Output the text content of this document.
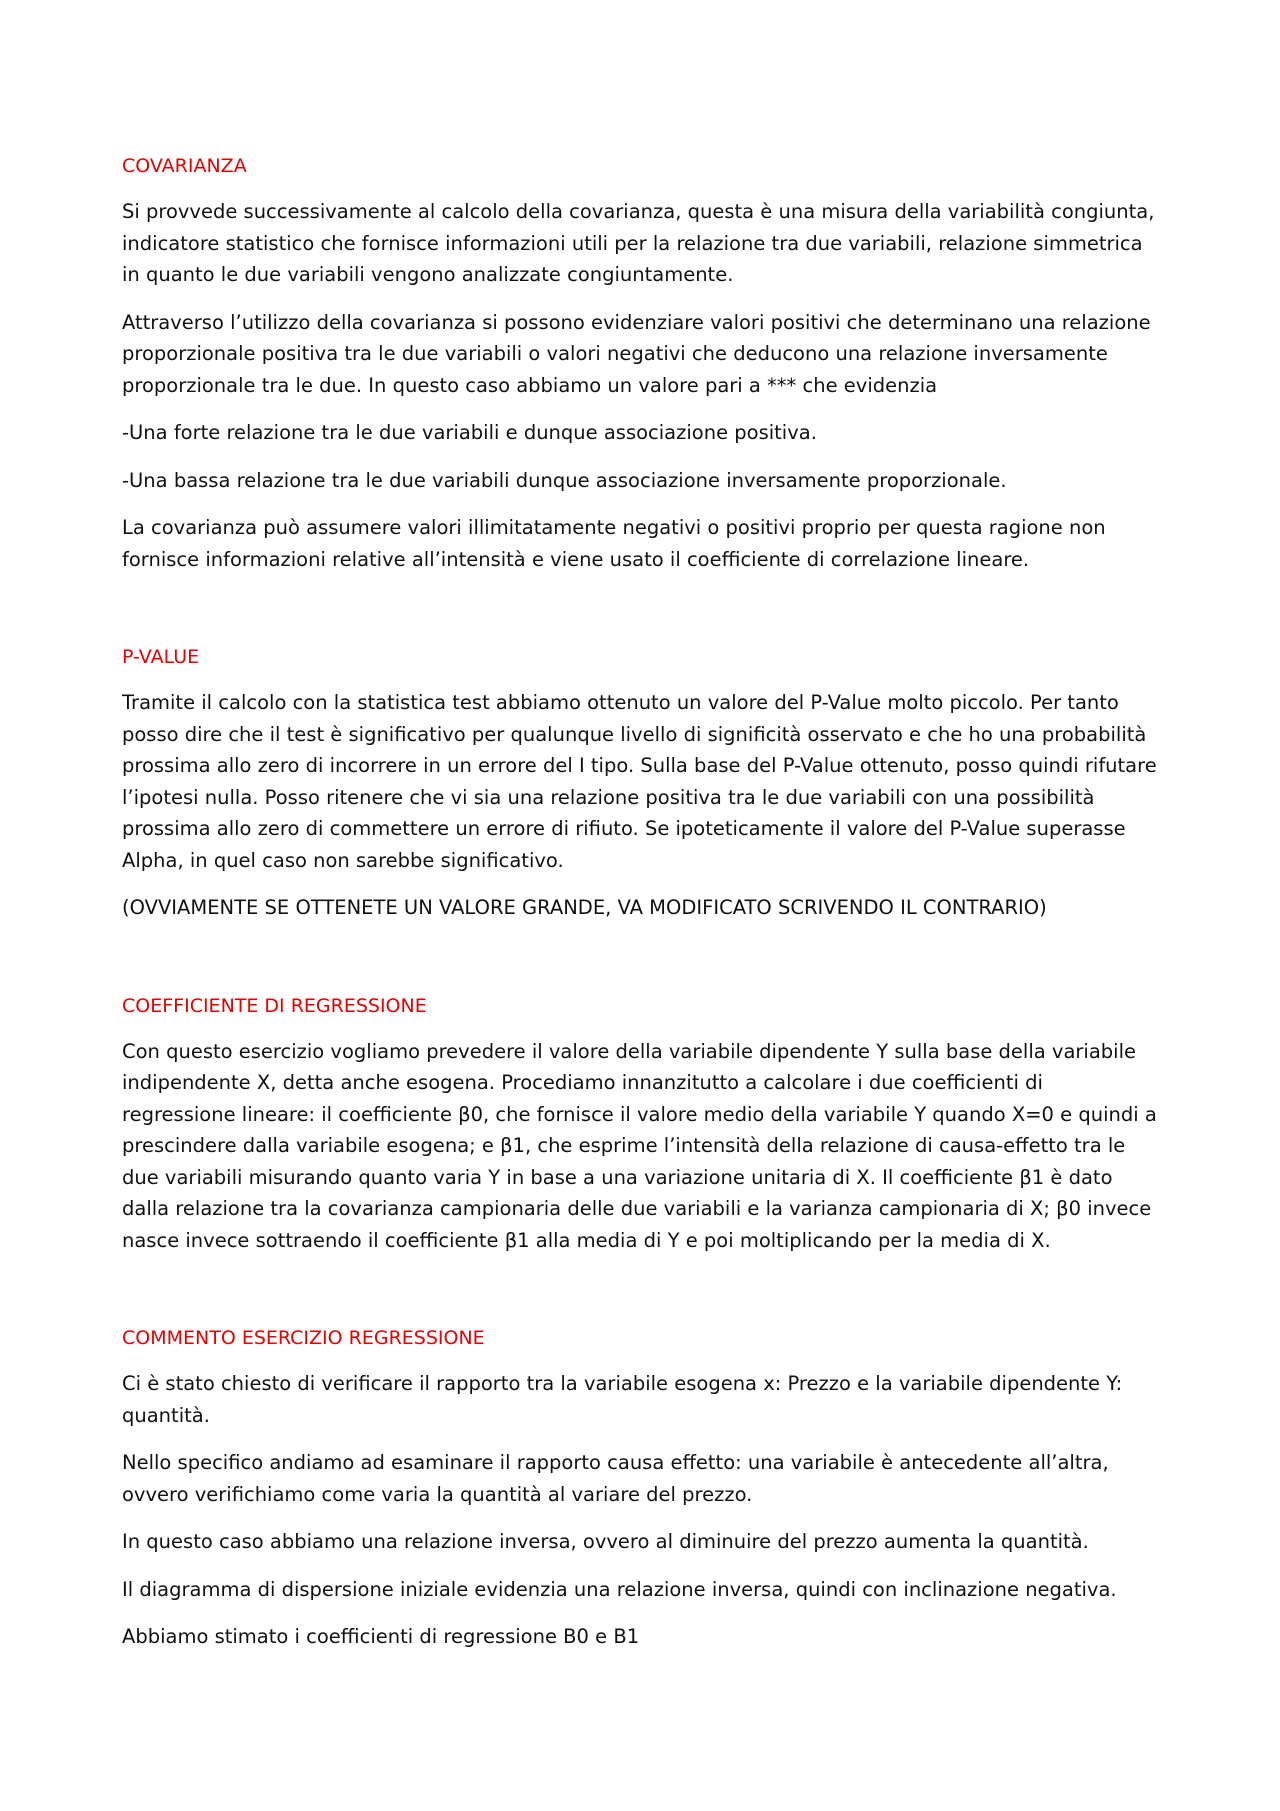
COVARIANZA

Si provvede successivamente al calcolo della covarianza, questa è una misura della variabilità congiunta, indicatore statistico che fornisce informazioni utili per la relazione tra due variabili, relazione simmetrica in quanto le due variabili vengono analizzate congiuntamente.

Attraverso l’utilizzo della covarianza si possono evidenziare valori positivi che determinano una relazione proporzionale positiva tra le due variabili o valori negativi che deducono una relazione inversamente proporzionale tra le due. In questo caso abbiamo un valore pari a *** che evidenzia

-Una forte relazione tra le due variabili e dunque associazione positiva.

-Una bassa relazione tra le due variabili dunque associazione inversamente proporzionale.

La covarianza può assumere valori illimitatamente negativi o positivi proprio per questa ragione non fornisce informazioni relative all’intensità e viene usato il coefficiente di correlazione lineare.

P-VALUE

Tramite il calcolo con la statistica test abbiamo ottenuto un valore del P-Value molto piccolo. Per tanto posso dire che il test è significativo per qualunque livello di significità osservato e che ho una probabilità prossima allo zero di incorrere in un errore del I tipo. Sulla base del P-Value ottenuto, posso quindi rifutare l’ipotesi nulla. Posso ritenere che vi sia una relazione positiva tra le due variabili con una possibilità prossima allo zero di commettere un errore di rifiuto. Se ipoteticamente il valore del P-Value superasse Alpha, in quel caso non sarebbe significativo.

(OVVIAMENTE SE OTTENETE UN VALORE GRANDE, VA MODIFICATO SCRIVENDO IL CONTRARIO)

COEFFICIENTE DI REGRESSIONE

Con questo esercizio vogliamo prevedere il valore della variabile dipendente Y sulla base della variabile indipendente X, detta anche esogena. Procediamo innanzitutto a calcolare i due coefficienti di regressione lineare: il coefficiente β0, che fornisce il valore medio della variabile Y quando X=0 e quindi a prescindere dalla variabile esogena; e β1, che esprime l’intensità della relazione di causa-effetto tra le due variabili misurando quanto varia Y in base a una variazione unitaria di X. Il coefficiente β1 è dato dalla relazione tra la covarianza campionaria delle due variabili e la varianza campionaria di X; β0 invece nasce invece sottraendo il coefficiente β1 alla media di Y e poi moltiplicando per la media di X.

COMMENTO ESERCIZIO REGRESSIONE

Ci è stato chiesto di verificare il rapporto tra la variabile esogena x: Prezzo e la variabile dipendente Y: quantità.

Nello specifico andiamo ad esaminare il rapporto causa effetto: una variabile è antecedente all’altra, ovvero verifichiamo come varia la quantità al variare del prezzo.

In questo caso abbiamo una relazione inversa, ovvero al diminuire del prezzo aumenta la quantità.

Il diagramma di dispersione iniziale evidenzia una relazione inversa, quindi con inclinazione negativa.

Abbiamo stimato i coefficienti di regressione B0 e B1
